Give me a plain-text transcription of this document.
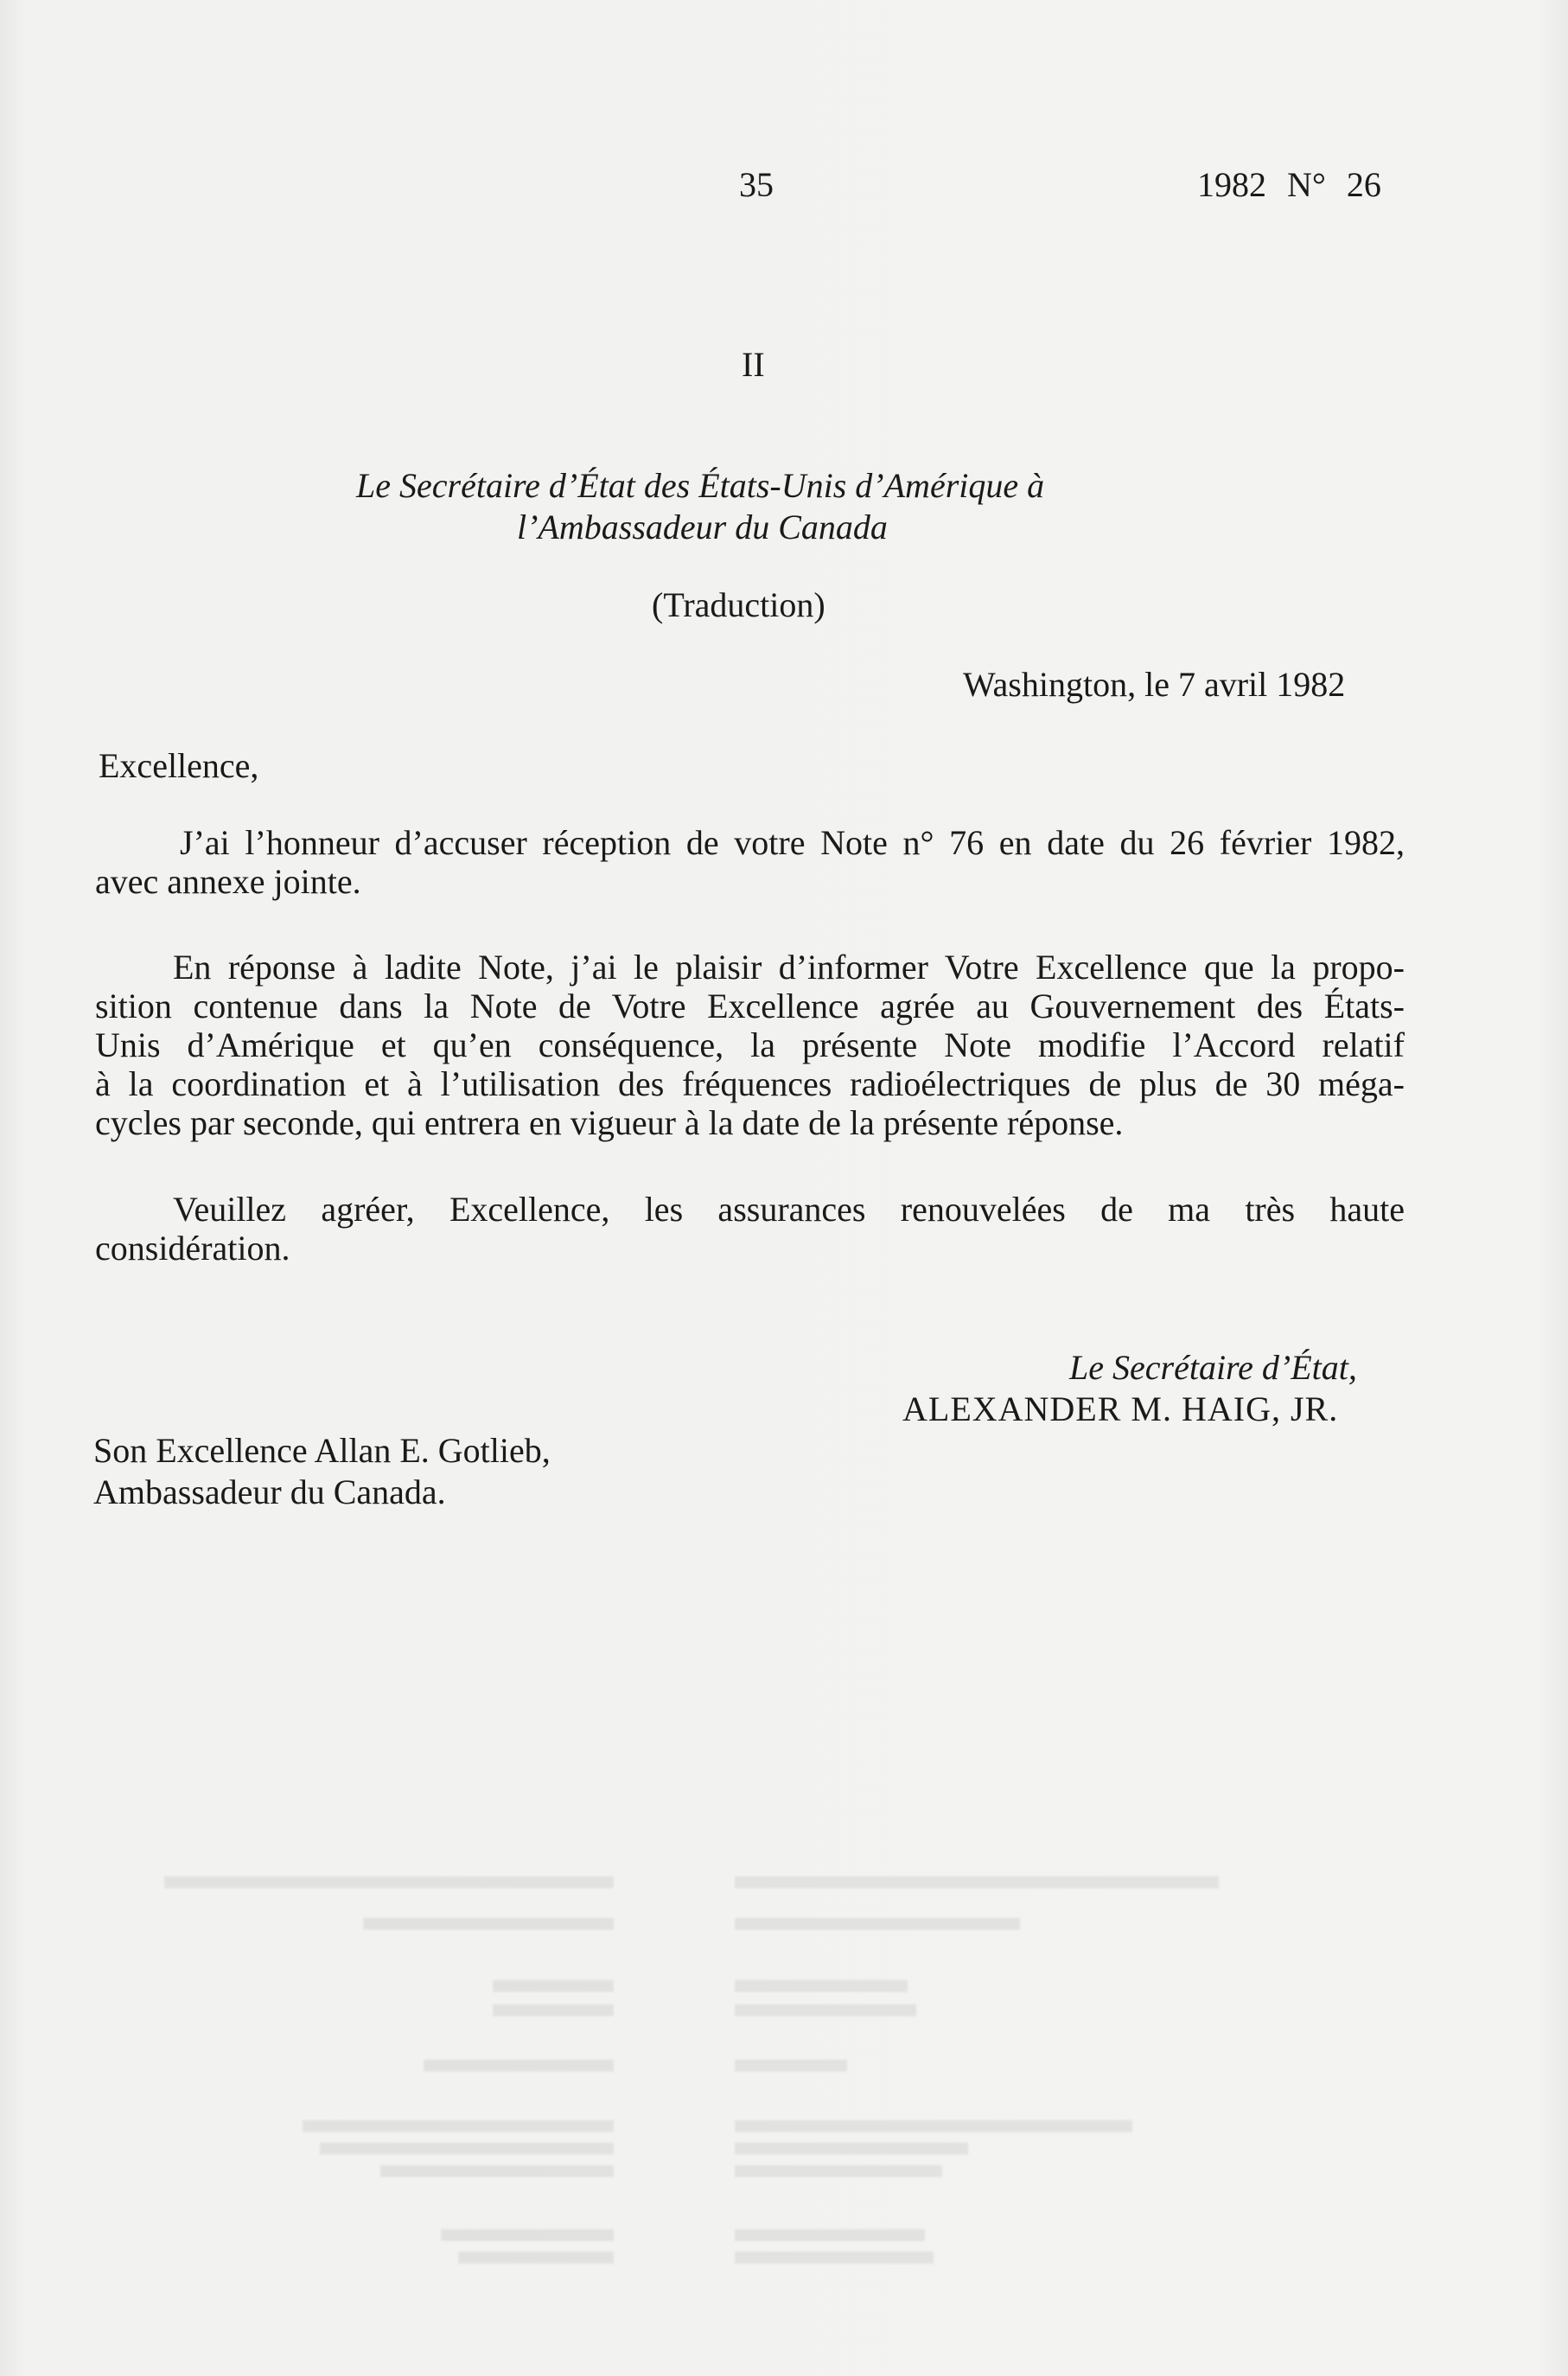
35	1982 N° 26
II
Le Secrétaire d’État des États-Unis d’Amérique à
l’Ambassadeur du Canada
(Traduction)
Washington, le 7 avril 1982
Excellence,
J’ai l’honneur d’accuser réception de votre Note n° 76 en date du 26 février 1982,
avec annexe jointe.
En réponse à ladite Note, j’ai le plaisir d’informer Votre Excellence que la propo-
sition contenue dans la Note de Votre Excellence agrée au Gouvernement des États-
Unis d’Amérique et qu’en conséquence, la présente Note modifie l’Accord relatif
à la coordination et à l’utilisation des fréquences radioélectriques de plus de 30 méga-
cycles par seconde, qui entrera en vigueur à la date de la présente réponse.
Veuillez agréer, Excellence, les assurances renouvelées de ma très haute
considération.
Le Secrétaire d’État,
ALEXANDER M. HAIG, JR.
Son Excellence Allan E. Gotlieb,
Ambassadeur du Canada.
